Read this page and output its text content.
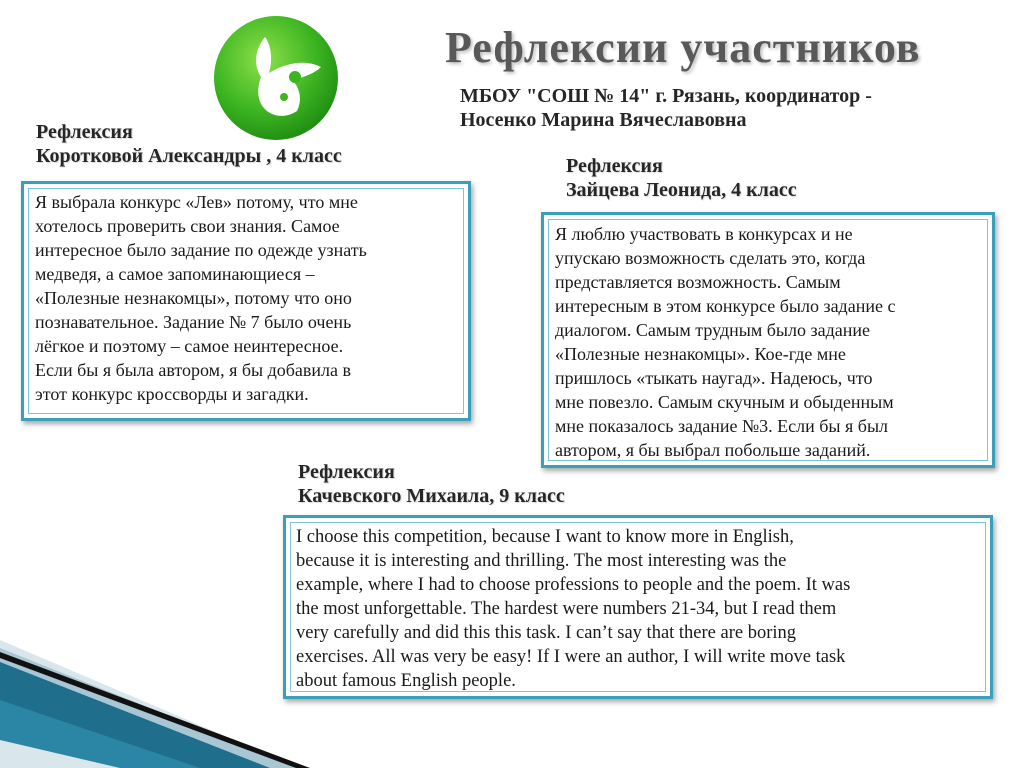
Рефлексии участников
МБОУ "СОШ № 14" г. Рязань, координатор -
Носенко Марина Вячеславовна
Рефлексия
Коротковой Александры , 4 класс
Я выбрала конкурс «Лев» потому, что мне
хотелось проверить свои знания. Самое
интересное было задание по одежде узнать
медведя, а самое запоминающиеся –
«Полезные незнакомцы», потому что оно
познавательное. Задание № 7 было очень
лёгкое и поэтому – самое неинтересное.
Если бы я была автором, я бы добавила в
этот конкурс кроссворды и загадки.
Рефлексия
Зайцева Леонида, 4 класс
Я люблю участвовать в конкурсах и не
упускаю возможность сделать это, когда
представляется возможность. Самым
интересным в этом конкурсе было задание с
диалогом. Самым трудным было задание
«Полезные незнакомцы». Кое-где мне
пришлось «тыкать наугад». Надеюсь, что
мне повезло. Самым скучным и обыденным
мне показалось задание №3. Если бы я был
автором, я бы выбрал побольше заданий.
Рефлексия
Качевского Михаила, 9 класс
I choose this competition, because I want to know more in English,
because it is interesting and thrilling. The most interesting was the
example, where I had to choose professions to people and the poem. It was
the most unforgettable. The hardest were numbers 21-34, but I read them
very carefully and did this this task. I can’t say that there are boring
exercises. All was very be easy! If I were an author, I will write move task
about famous English people.
